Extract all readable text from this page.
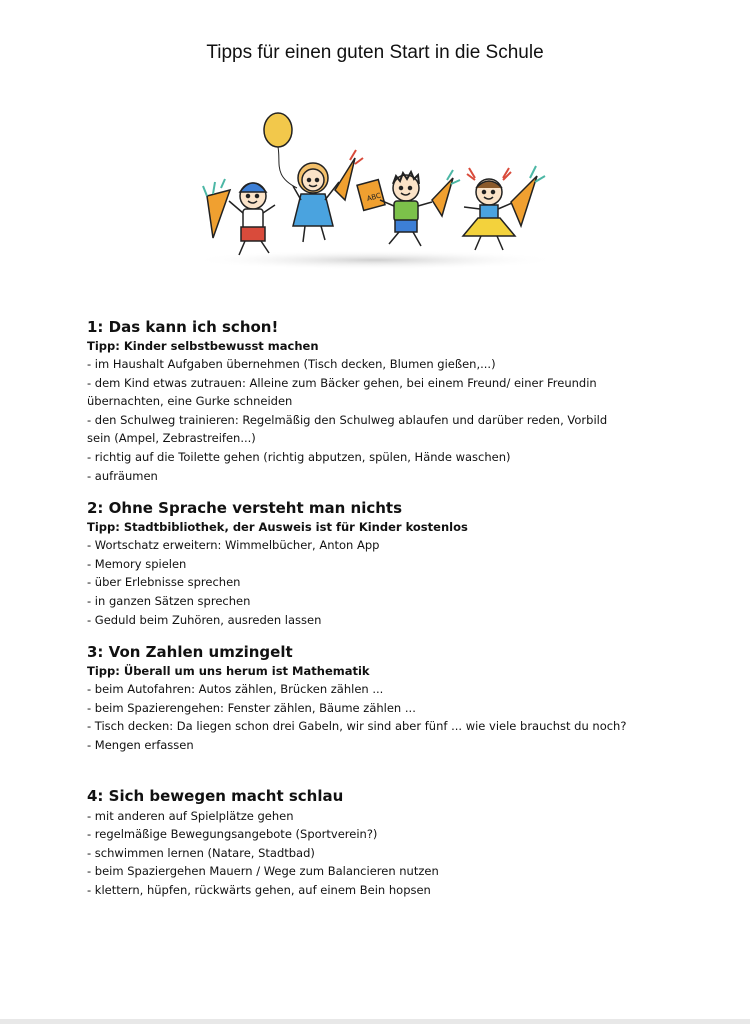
Tipps für einen guten Start in die Schule
ABC
1: Das kann ich schon!
Tipp: Kinder selbstbewusst machen
- im Haushalt Aufgaben übernehmen (Tisch decken, Blumen gießen,...)
- dem Kind etwas zutrauen: Alleine zum Bäcker gehen, bei einem Freund/ einer Freundin
übernachten, eine Gurke schneiden
- den Schulweg trainieren: Regelmäßig den Schulweg ablaufen und darüber reden, Vorbild
sein (Ampel, Zebrastreifen...)
- richtig auf die Toilette gehen (richtig abputzen, spülen, Hände waschen)
- aufräumen
2: Ohne Sprache versteht man nichts
Tipp: Stadtbibliothek, der Ausweis ist für Kinder kostenlos
- Wortschatz erweitern: Wimmelbücher, Anton App
- Memory spielen
- über Erlebnisse sprechen
- in ganzen Sätzen sprechen
- Geduld beim Zuhören, ausreden lassen
3: Von Zahlen umzingelt
Tipp: Überall um uns herum ist Mathematik
- beim Autofahren: Autos zählen, Brücken zählen ...
- beim Spazierengehen: Fenster zählen, Bäume zählen ...
- Tisch decken: Da liegen schon drei Gabeln, wir sind aber fünf ... wie viele brauchst du noch?
- Mengen erfassen
4: Sich bewegen macht schlau
- mit anderen auf Spielplätze gehen
- regelmäßige Bewegungsangebote (Sportverein?)
- schwimmen lernen (Natare, Stadtbad)
- beim Spaziergehen Mauern / Wege zum Balancieren nutzen
- klettern, hüpfen, rückwärts gehen, auf einem Bein hopsen
